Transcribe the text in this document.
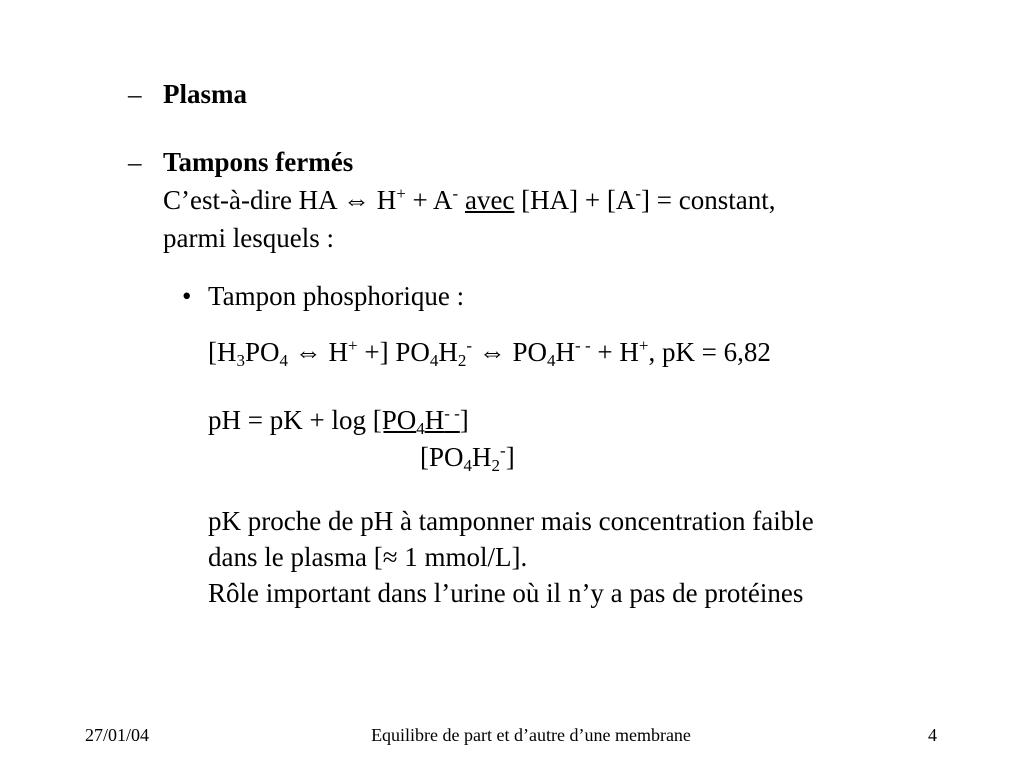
– Plasma
– Tampons fermés
C’est-à-dire HA ⇔ H+ + A- avec [HA] + [A-] = constant,
parmi lesquels :
• Tampon phosphorique :
[$H_3PO_4$ ⇔ H+ +] $PO_4H_2^-$ ⇔ $PO_4H^{- -} + H^+$, pK = 6,82
pH = pK + $\log [PO_4H^{- -}]$
$[PO_4H_2^-]$
pK proche de pH à tamponner mais concentration faible
dans le plasma [≈ 1 mmol/L].
Rôle important dans l’urine où il n’y a pas de protéines
27/01/04	Equilibre de part et d’autre d’une membrane	4
